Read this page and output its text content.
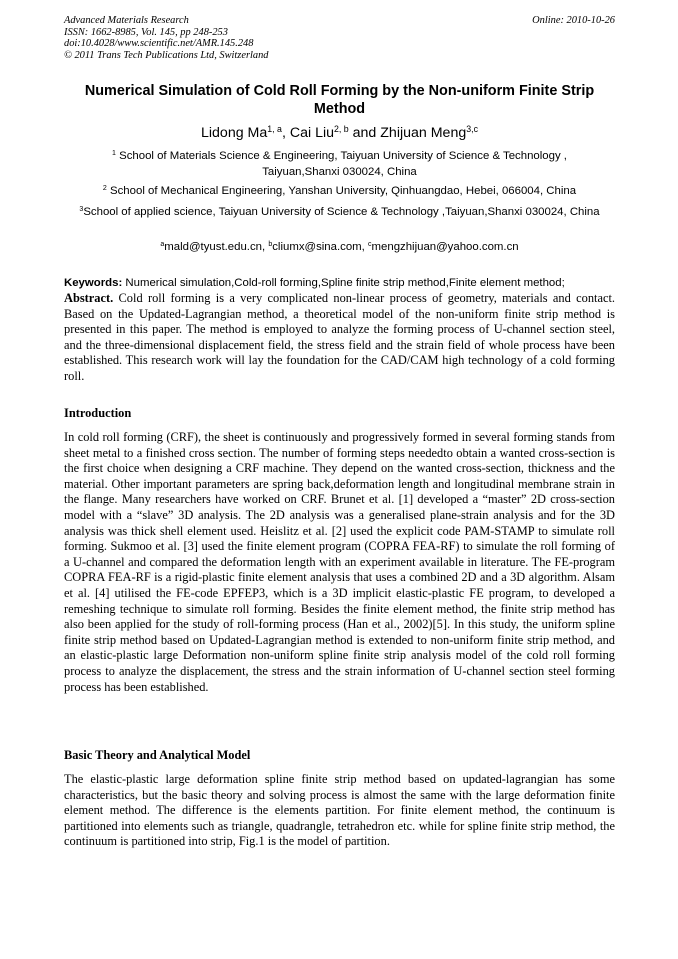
Advanced Materials Research
ISSN: 1662-8985, Vol. 145, pp 248-253
doi:10.4028/www.scientific.net/AMR.145.248
© 2011 Trans Tech Publications Ltd, Switzerland
Online: 2010-10-26
Numerical Simulation of Cold Roll Forming by the Non-uniform Finite Strip Method
Lidong Ma$^{1, a}$, Cai Liu$^{2, b}$ and Zhijuan Meng$^{3,c}$
$^1$ School of Materials Science & Engineering, Taiyuan University of Science & Technology , Taiyuan,Shanxi 030024, China
$^2$ School of Mechanical Engineering, Yanshan University, Qinhuangdao, Hebei, 066004, China
$^3$School of applied science, Taiyuan University of Science & Technology ,Taiyuan,Shanxi 030024, China
$^a$mald@tyust.edu.cn, $^b$cliumx@sina.com, $^c$mengzhijuan@yahoo.com.cn
Keywords: Numerical simulation,Cold-roll forming,Spline finite strip method,Finite element method;

Abstract. Cold roll forming is a very complicated non-linear process of geometry, materials and contact. Based on the Updated-Lagrangian method, a theoretical model of the non-uniform finite strip method is presented in this paper. The method is employed to analyze the forming process of U-channel section steel, and the three-dimensional displacement field, the stress field and the strain field of whole process have been established. This research work will lay the foundation for the CAD/CAM high technology of a cold forming roll.

Introduction

In cold roll forming (CRF), the sheet is continuously and progressively formed in several forming stands from sheet metal to a finished cross section. The number of forming steps neededto obtain a wanted cross-section is the first choice when designing a CRF machine. They depend on the wanted cross-section, thickness and the material. Other important parameters are spring back,deformation length and longitudinal membrane strain in the flange. Many researchers have worked on CRF. Brunet et al. [1] developed a “master” 2D cross-section model with a “slave” 3D analysis. The 2D analysis was a generalised plane-strain analysis and for the 3D analysis was thick shell element used. Heislitz et al. [2] used the explicit code PAM-STAMP to simulate roll forming. Sukmoo et al. [3] used the finite element program (COPRA FEA-RF) to simulate the roll forming of a U-channel and compared the deformation length with an experiment available in literature. The FE-program COPRA FEA-RF is a rigid-plastic finite element analysis that uses a combined 2D and a 3D algorithm. Alsam et al. [4] utilised the FE-code EPFEP3, which is a 3D implicit elastic-plastic FE program, to developed a remeshing technique to simulate roll forming. Besides the finite element method, the finite strip method has also been applied for the study of roll-forming process (Han et al., 2002)[5]. In this study, the uniform spline finite strip method based on Updated-Lagrangian method is extended to non-uniform finite strip method, and an elastic-plastic large Deformation non-uniform spline finite strip analysis model of the cold roll forming process to analyze the displacement, the stress and the strain information of U-channel section steel forming process has been established.

Basic Theory and Analytical Model

The elastic-plastic large deformation spline finite strip method based on updated-lagrangian has some characteristics, but the basic theory and solving process is almost the same with the large deformation finite element method. The difference is the elements partition. For finite element method, the continuum is partitioned into elements such as triangle, quadrangle, tetrahedron etc. while for spline finite strip method, the continuum is partitioned into strip, Fig.1 is the model of partition.
